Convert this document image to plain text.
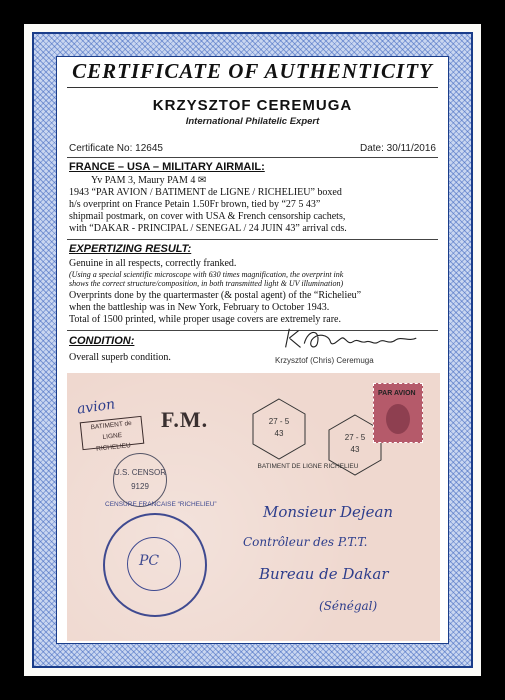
CERTIFICATE OF AUTHENTICITY
KRZYSZTOF CEREMUGA
International Philatelic Expert
Certificate No: 12645	Date: 30/11/2016
FRANCE – USA – MILITARY AIRMAIL:
Yv PAM 3, Maury PAM 4 ✉
1943 “PAR AVION / BATIMENT de LIGNE / RICHELIEU” boxed
h/s overprint on France Petain 1.50Fr brown, tied by “27 5 43”
shipmail postmark, on cover with USA & French censorship cachets,
with “DAKAR - PRINCIPAL / SENEGAL / 24 JUIN 43” arrival cds.
EXPERTIZING RESULT:
Genuine in all respects, correctly franked.
(Using a special scientific microscope with 630 times magnification, the overprint ink
shows the correct structure/composition, in both transmitted light & UV illumination)
Overprints done by the quartermaster (& postal agent) of the “Richelieu”
when the battleship was in New York, February to October 1943.
Total of 1500 printed, while proper usage covers are extremely rare.
CONDITION:
Overall superb condition.	Krzysztof (Chris) Ceremuga
avion
BATIMENT de LIGNE
RICHELIEU
F.M.	27 - 5
43	27 - 5
43
BATIMENT DE LIGNE RICHELIEU
PAR AVION
U.S. CENSOR
9129
CENSURE FRANCAISE “RICHELIEU”
PC
Monsieur Dejean
Contrôleur des P.T.T.
Bureau de Dakar
(Sénégal)
